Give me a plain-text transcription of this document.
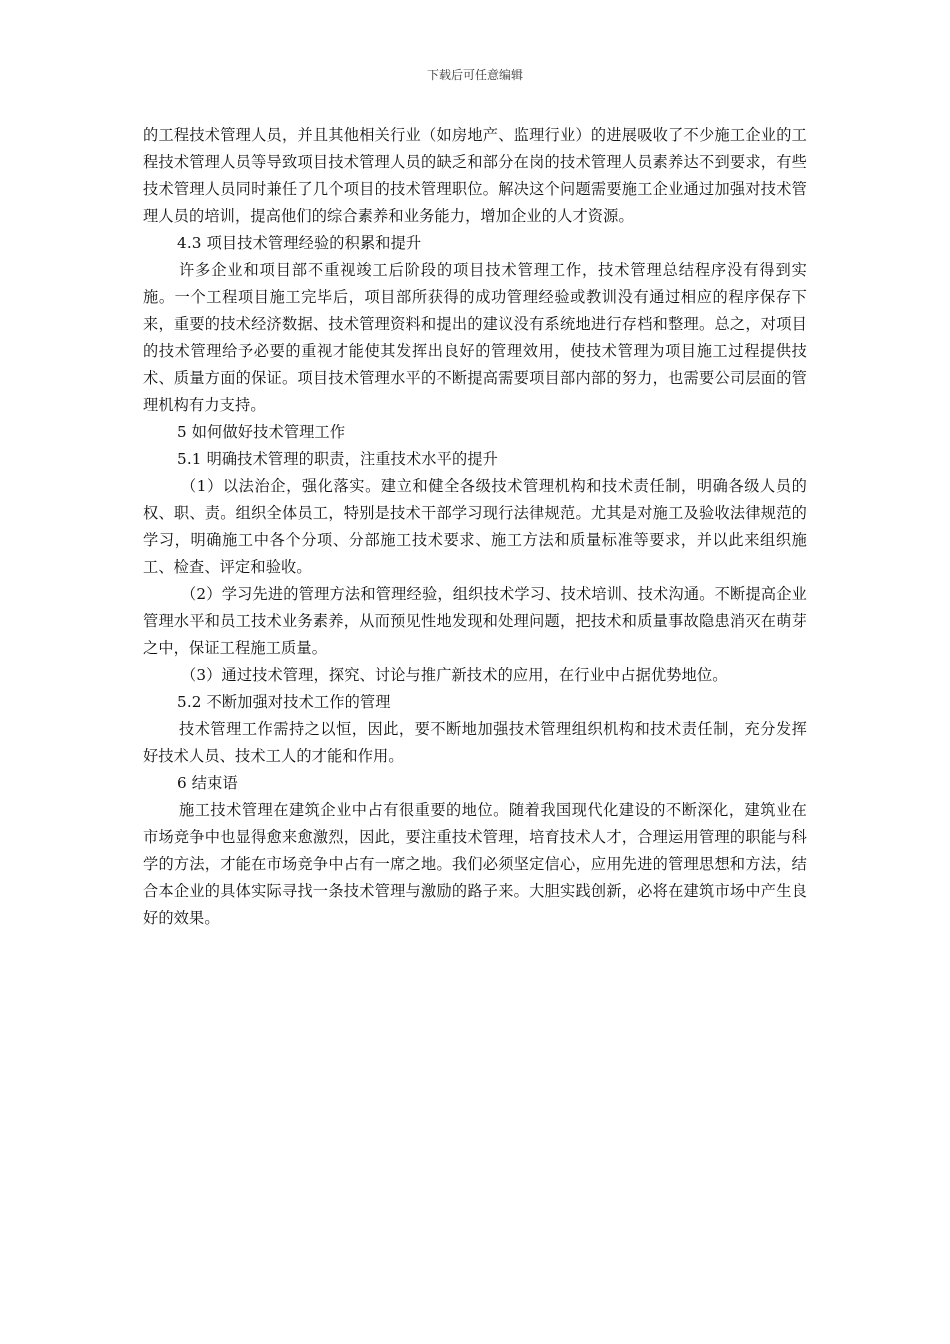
下载后可任意编辑

的工程技术管理人员，并且其他相关行业（如房地产、监理行业）的进展吸收了不少施工企业的工程技术管理人员等导致项目技术管理人员的缺乏和部分在岗的技术管理人员素养达不到要求，有些技术管理人员同时兼任了几个项目的技术管理职位。解决这个问题需要施工企业通过加强对技术管理人员的培训，提高他们的综合素养和业务能力，增加企业的人才资源。

4.3 项目技术管理经验的积累和提升

许多企业和项目部不重视竣工后阶段的项目技术管理工作，技术管理总结程序没有得到实施。一个工程项目施工完毕后，项目部所获得的成功管理经验或教训没有通过相应的程序保存下来，重要的技术经济数据、技术管理资料和提出的建议没有系统地进行存档和整理。总之，对项目的技术管理给予必要的重视才能使其发挥出良好的管理效用，使技术管理为项目施工过程提供技术、质量方面的保证。项目技术管理水平的不断提高需要项目部内部的努力，也需要公司层面的管理机构有力支持。

5 如何做好技术管理工作

5.1 明确技术管理的职责，注重技术水平的提升

（1）以法治企，强化落实。建立和健全各级技术管理机构和技术责任制，明确各级人员的权、职、责。组织全体员工，特别是技术干部学习现行法律规范。尤其是对施工及验收法律规范的学习，明确施工中各个分项、分部施工技术要求、施工方法和质量标准等要求，并以此来组织施工、检查、评定和验收。

（2）学习先进的管理方法和管理经验，组织技术学习、技术培训、技术沟通。不断提高企业管理水平和员工技术业务素养，从而预见性地发现和处理问题，把技术和质量事故隐患消灭在萌芽之中，保证工程施工质量。

（3）通过技术管理，探究、讨论与推广新技术的应用，在行业中占据优势地位。

5.2 不断加强对技术工作的管理

技术管理工作需持之以恒，因此，要不断地加强技术管理组织机构和技术责任制，充分发挥好技术人员、技术工人的才能和作用。

6 结束语

施工技术管理在建筑企业中占有很重要的地位。随着我国现代化建设的不断深化，建筑业在市场竞争中也显得愈来愈激烈，因此，要注重技术管理，培育技术人才，合理运用管理的职能与科学的方法，才能在市场竞争中占有一席之地。我们必须坚定信心，应用先进的管理思想和方法，结合本企业的具体实际寻找一条技术管理与激励的路子来。大胆实践创新，必将在建筑市场中产生良好的效果。
